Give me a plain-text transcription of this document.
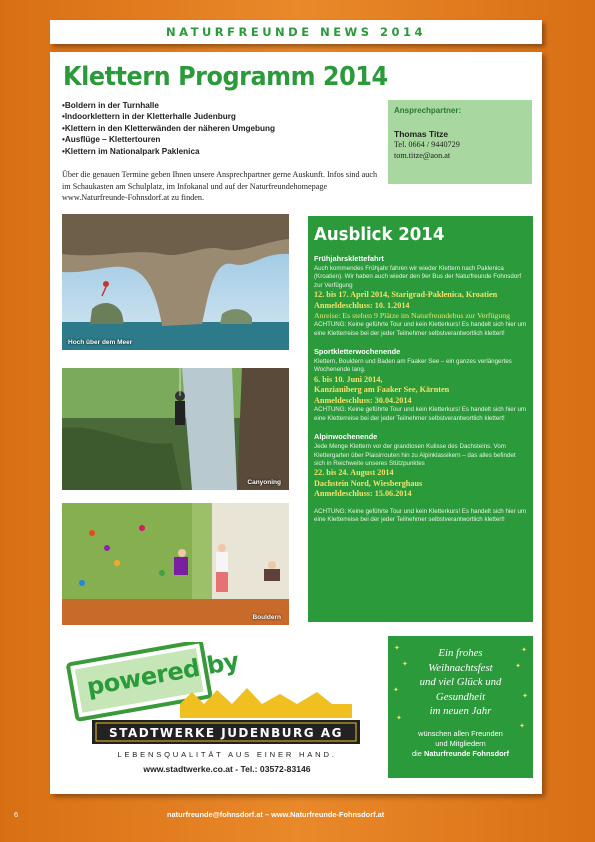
NATURFREUNDE NEWS 2014
Klettern Programm 2014
• Boldern in der Turnhalle
• Indoorklettern in der Kletterhalle Judenburg
• Klettern in den Kletterwänden der näheren Umgebung
• Ausflüge – Klettertouren
• Klettern im Nationalpark Paklenica

Über die genauen Termine geben Ihnen unsere Ansprechpartner gerne Auskunft. Infos sind auch im Schaukasten am Schulplatz, im Infokanal und auf der Naturfreundehomepage www.Naturfreunde-Fohnsdorf.at zu finden.

Ansprechpartner:
Thomas Titze
Tel. 0664 / 9440729
tom.titze@aon.at
Hoch über dem Meer
Canyoning
Bouldern
Ausblick 2014
Frühjahrsklettefahrt
Auch kommendes Frühjahr fahren wir wieder Klettern nach Paklenica (Kroatien). Wir haben auch wieder den 9er Bus der Naturfreunde Fohnsdorf zur Verfügung
12. bis 17. April 2014, Starigrad-Paklenica, Kroatien
Anmeldeschluss: 10. 1.2014
Anreise: Es stehen 9 Plätze im Naturfreundebus zur Verfügung
ACHTUNG: Keine geführte Tour und kein Kletterkurs! Es handelt sich hier um eine Kletterreise bei der jeder Teilnehmer selbstverantwortlich klettert!
Sportkletterwochenende
Klettern, Bouldern und Baden am Faaker See – ein ganzes verlängertes Wochenende lang.
6. bis 10. Juni 2014,
Kanzianiberg am Faaker See, Kärnten
Anmeldeschluss: 30.04.2014
ACHTUNG: Keine geführte Tour und kein Kletterkurs! Es handelt sich hier um eine Kletterreise bei der jeder Teilnehmer selbstverantwortlich klettert!
Alpinwochenende
Jede Menge Klettern vor der grandiosen Kulisse des Dachsteins. Vom Klettergarten über Plaisirrouten hin zu Alpinklassikern – das alles befindet sich in Reichweite unseres Stützpunktes
22. bis 24. August 2014
Dachstein Nord, Wiesberghaus
Anmeldeschluss: 15.06.2014
ACHTUNG: Keine geführte Tour und kein Kletterkurs! Es handelt sich hier um eine Kletterreise bei der jeder Teilnehmer selbstverantwortlich klettert!
powered by
STADTWERKE JUDENBURG AG
LEBENSQUALITÄT AUS EINER HAND.
www.stadtwerke.co.at - Tel.: 03572-83146
✦
✦
✦
✦
✦
✦
✦
✦
Ein frohes
Weihnachtsfest
und viel Glück und
Gesundheit
im neuen Jahr
wünschen allen Freunden
und Mitgliedern
die Naturfreunde Fohnsdorf
6	naturfreunde@fohnsdorf.at – www.Naturfreunde-Fohnsdorf.at
